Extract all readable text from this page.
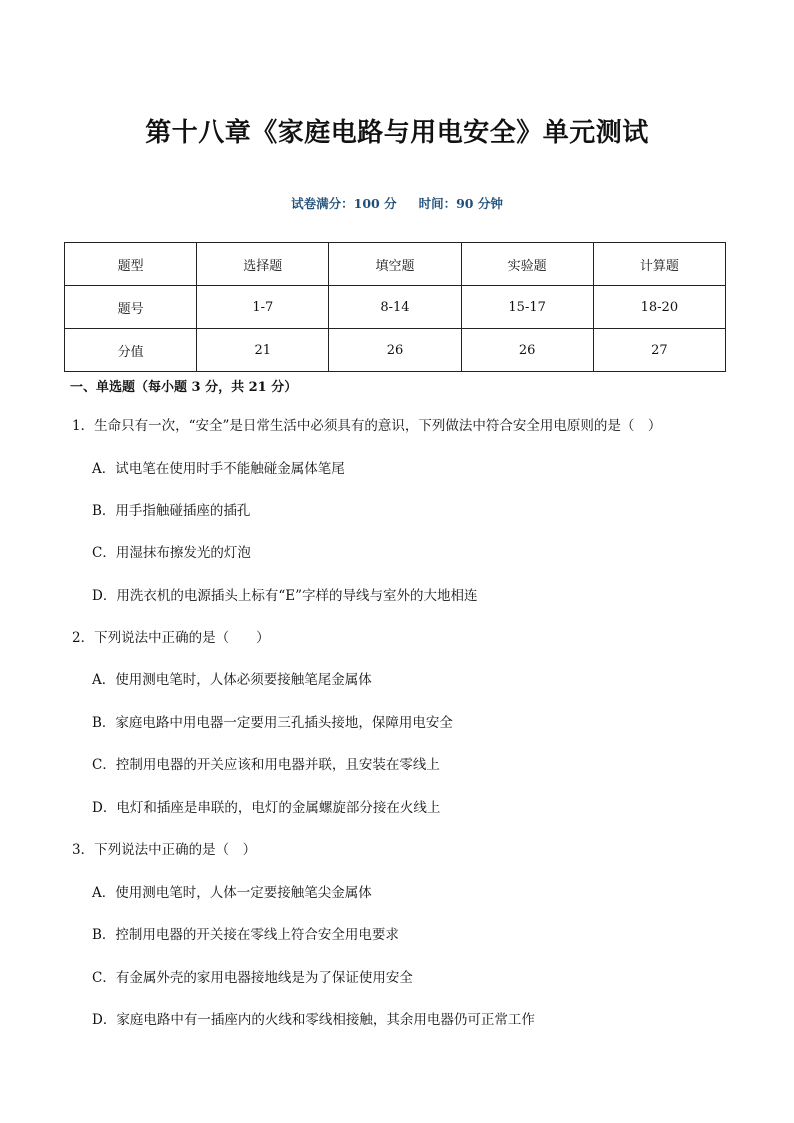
第十八章《家庭电路与用电安全》单元测试
试卷满分：100 分 时间：90 分钟
题型	选择题	填空题	实验题	计算题
题号	1-7	8-14	15-17	18-20
分值	21	26	26	27
一、单选题（每小题 3 分，共 21 分）
1．生命只有一次，“安全”是日常生活中必须具有的意识，下列做法中符合安全用电原则的是（　）
A．试电笔在使用时手不能触碰金属体笔尾
B．用手指触碰插座的插孔
C．用湿抹布擦发光的灯泡
D．用洗衣机的电源插头上标有“E”字样的导线与室外的大地相连
2．下列说法中正确的是（　　）
A．使用测电笔时，人体必须要接触笔尾金属体
B．家庭电路中用电器一定要用三孔插头接地，保障用电安全
C．控制用电器的开关应该和用电器并联，且安装在零线上
D．电灯和插座是串联的，电灯的金属螺旋部分接在火线上
3．下列说法中正确的是（　）
A．使用测电笔时，人体一定要接触笔尖金属体
B．控制用电器的开关接在零线上符合安全用电要求
C．有金属外壳的家用电器接地线是为了保证使用安全
D．家庭电路中有一插座内的火线和零线相接触，其余用电器仍可正常工作
